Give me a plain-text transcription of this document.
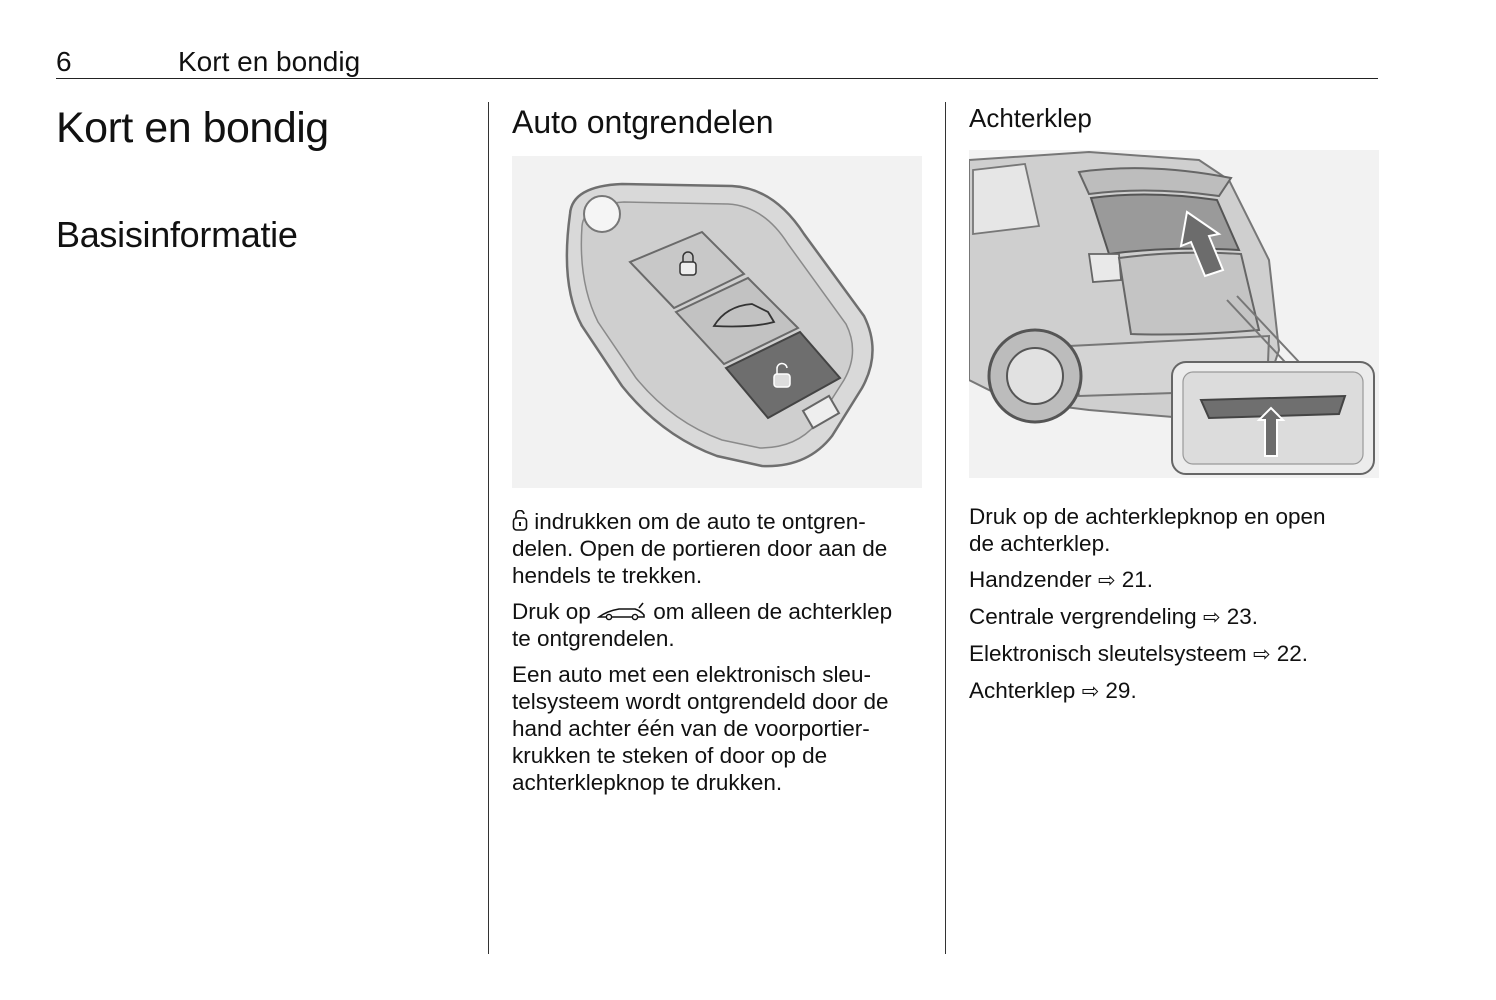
6	Kort en bondig
Kort en bondig
Basisinformatie
Auto ontgrendelen

indrukken om de auto te ontgren-
delen. Open de portieren door aan de
hendels te trekken.

Druk op  om alleen de achterklep
te ontgrendelen.

Een auto met een elektronisch sleu-
telsysteem wordt ontgrendeld door de
hand achter één van de voorportier-
krukken te steken of door op de
achterklepknop te drukken.

Achterklep

Druk op de achterklepknop en open
de achterklep.

Handzender ⇨ 21.

Centrale vergrendeling ⇨ 23.

Elektronisch sleutelsysteem ⇨ 22.

Achterklep ⇨ 29.
